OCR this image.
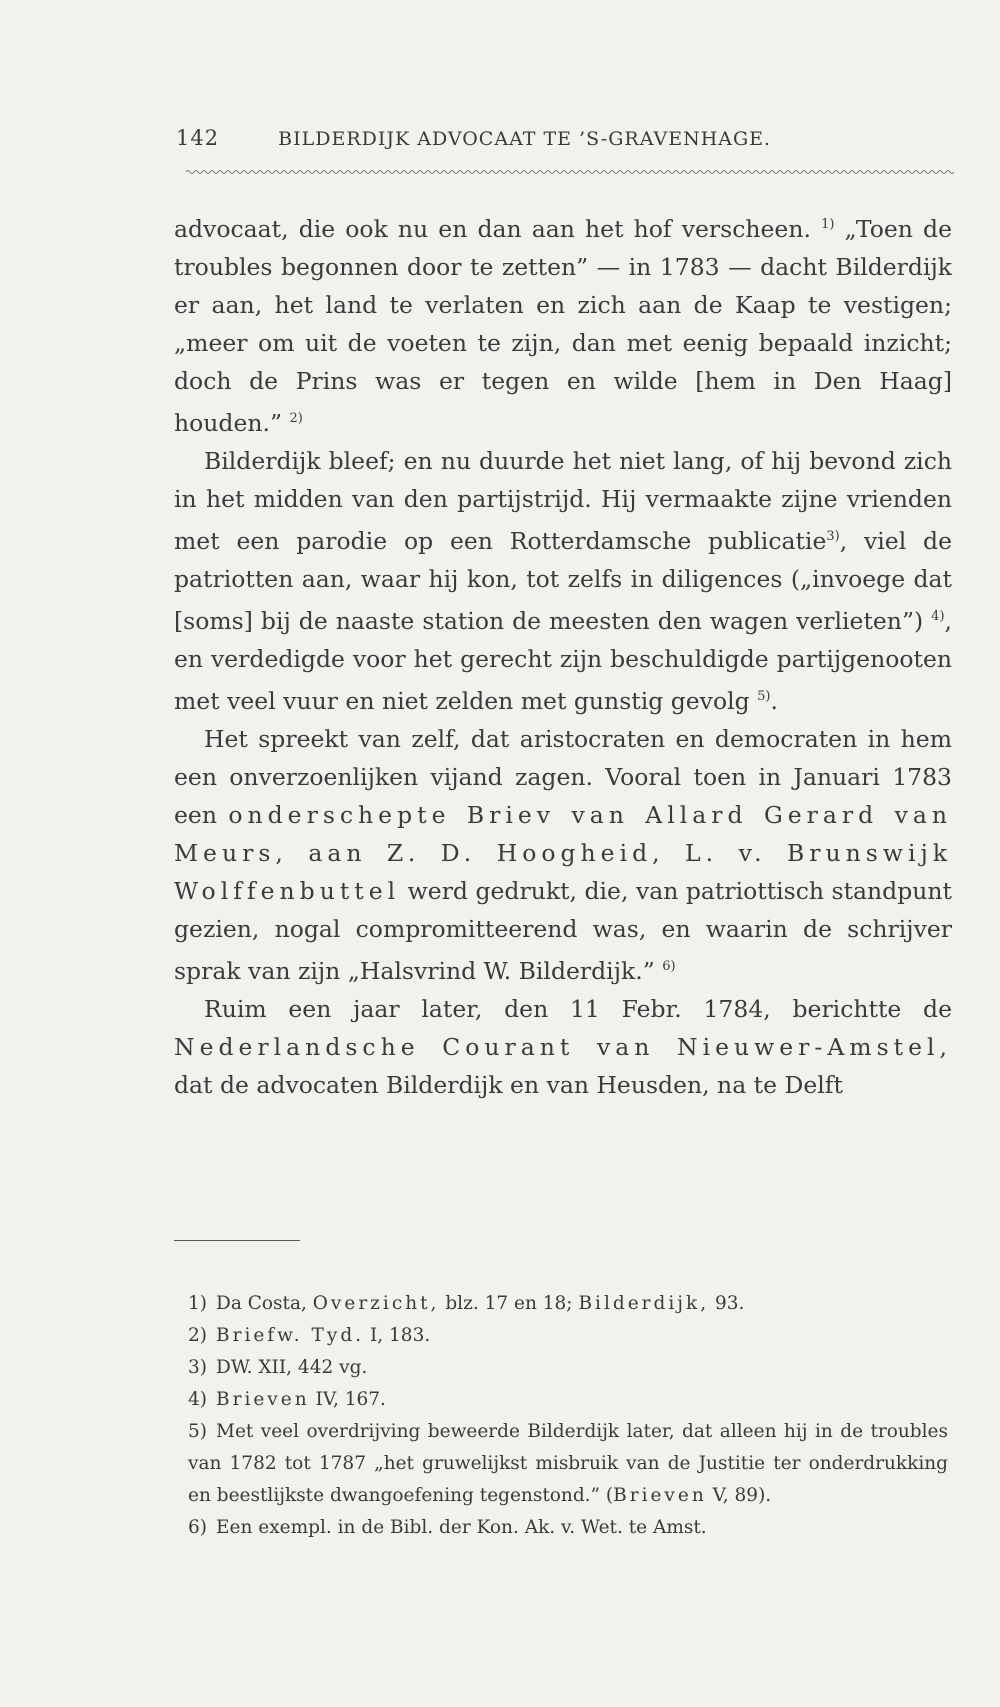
142	BILDERDIJK ADVOCAAT TE ’S-GRAVENHAGE.

advocaat, die ook nu en dan aan het hof verscheen. $^{1)}$ „Toen de troubles begonnen door te zetten” — in 1783 — dacht Bilderdijk er aan, het land te verlaten en zich aan de Kaap te vestigen; „meer om uit de voeten te zijn, dan met eenig bepaald inzicht; doch de Prins was er tegen en wilde [hem in Den Haag] houden.” $^{2)}$

Bilderdijk bleef; en nu duurde het niet lang, of hij bevond zich in het midden van den partijstrijd. Hij vermaakte zijne vrienden met een parodie op een Rotterdamsche publicatie$^{3)}$, viel de patriotten aan, waar hij kon, tot zelfs in diligences („invoege dat [soms] bij de naaste station de meesten den wagen verlieten”) $^{4)}$, en verdedigde voor het gerecht zijn beschuldigde partijgenooten met veel vuur en niet zelden met gunstig gevolg $^{5)}$.

Het spreekt van zelf, dat aristocraten en democraten in hem een onverzoenlijken vijand zagen. Vooral toen in Januari 1783 een onderschepte Briev van Allard Gerard van Meurs, aan Z. D. Hoogheid, L. v. Brunswijk Wolffenbuttel werd gedrukt, die, van patriottisch standpunt gezien, nogal compromitteerend was, en waarin de schrijver sprak van zijn „Halsvrind W. Bilderdijk.” $^{6)}$

Ruim een jaar later, den 11 Febr. 1784, berichtte de Nederlandsche Courant van Nieuwer-Amstel, dat de advocaten Bilderdijk en van Heusden, na te Delft

1) Da Costa, Overzicht, blz. 17 en 18; Bilderdijk, 93.

2) Briefw. Tyd. I, 183.

3) DW. XII, 442 vg.

4) Brieven IV, 167.

5) Met veel overdrijving beweerde Bilderdijk later, dat alleen hij in de troubles van 1782 tot 1787 „het gruwelijkst misbruik van de Justitie ter onderdrukking en beestlijkste dwangoefening tegenstond.” (Brieven V, 89).

6) Een exempl. in de Bibl. der Kon. Ak. v. Wet. te Amst.
